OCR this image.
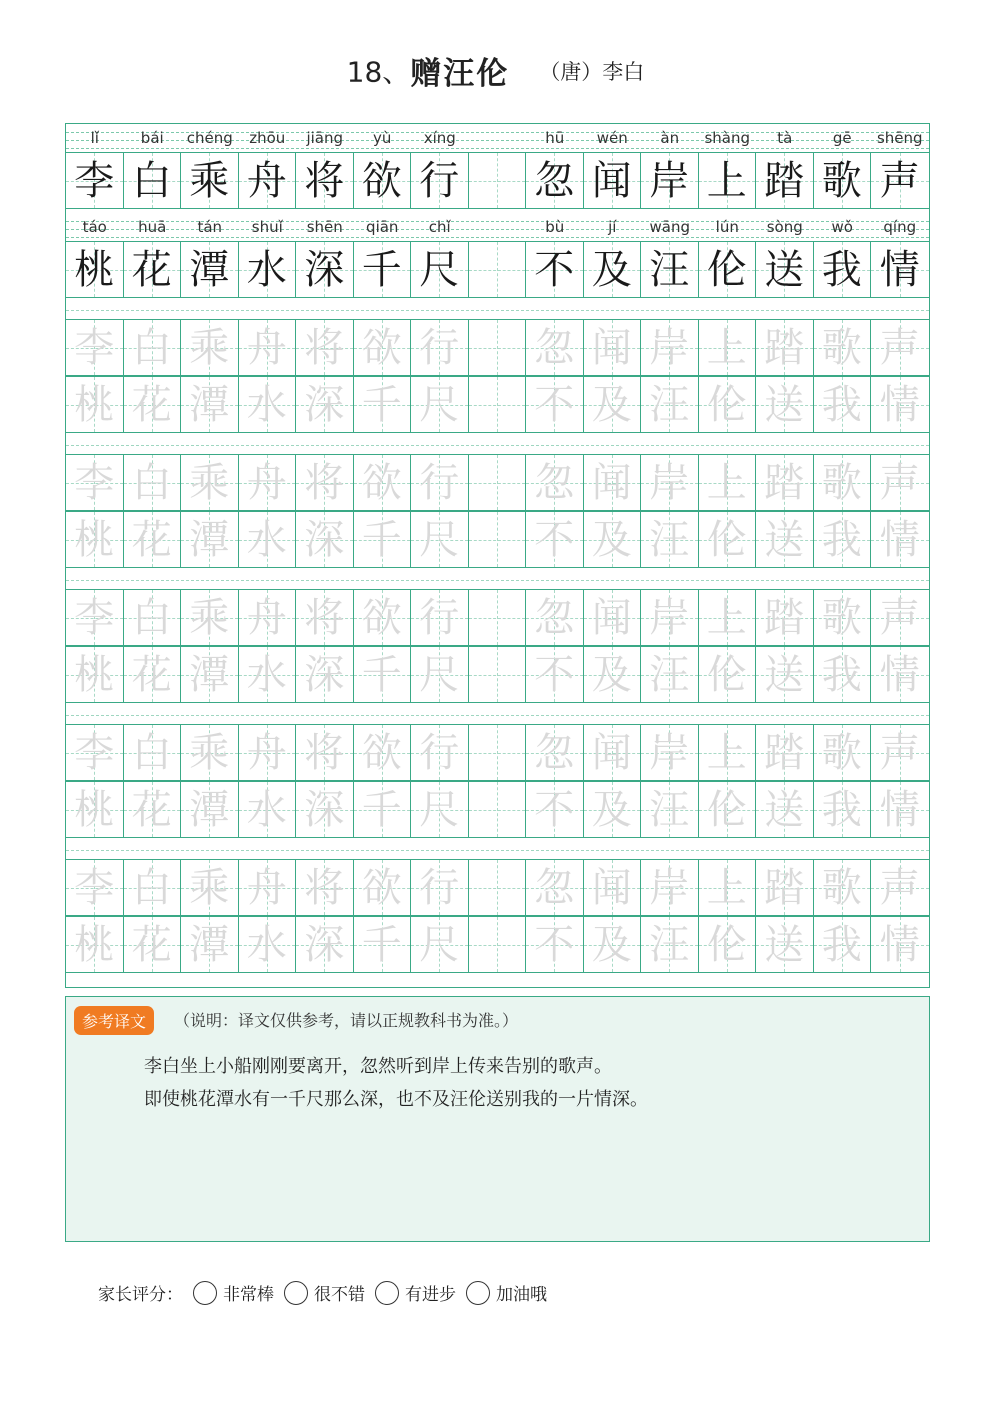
18、赠汪伦 （唐）李白
lǐ	bái	chéng	zhōu	jiāng	yù	xíng	hū	wén	àn	shàng	tà	gē	shēng
李 白 乘 舟 将 欲 行 忽 闻 岸 上 踏 歌 声
táo	huā	tán	shuǐ	shēn	qiān	chǐ	bù	jí	wāng	lún	sòng	wǒ	qíng
桃 花 潭 水 深 千 尺 不 及 汪 伦 送 我 情
李 白 乘 舟 将 欲 行 忽 闻 岸 上 踏 歌 声
桃 花 潭 水 深 千 尺 不 及 汪 伦 送 我 情
李 白 乘 舟 将 欲 行 忽 闻 岸 上 踏 歌 声
桃 花 潭 水 深 千 尺 不 及 汪 伦 送 我 情
李 白 乘 舟 将 欲 行 忽 闻 岸 上 踏 歌 声
桃 花 潭 水 深 千 尺 不 及 汪 伦 送 我 情
李 白 乘 舟 将 欲 行 忽 闻 岸 上 踏 歌 声
桃 花 潭 水 深 千 尺 不 及 汪 伦 送 我 情
李 白 乘 舟 将 欲 行 忽 闻 岸 上 踏 歌 声
桃 花 潭 水 深 千 尺 不 及 汪 伦 送 我 情
参考译文	（说明：译文仅供参考，请以正规教科书为准。）
李白坐上小船刚刚要离开，忽然听到岸上传来告别的歌声。
即使桃花潭水有一千尺那么深，也不及汪伦送别我的一片情深。
家长评分： 非常棒 很不错 有进步 加油哦
